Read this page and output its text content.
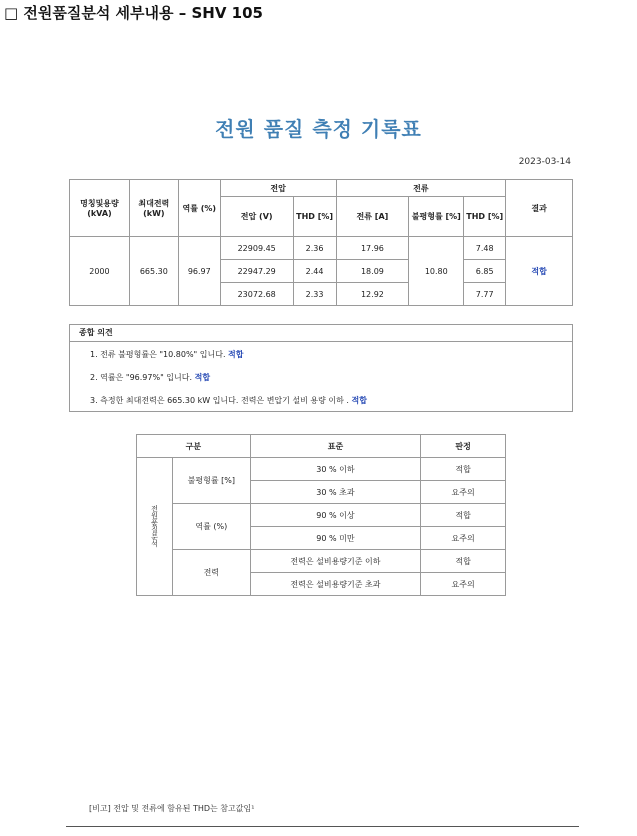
□ 전원품질분석 세부내용 – SHV 105
전원 품질 측정 기록표
2023-03-14
명칭및용량 (kVA)	최대전력 (kW)	역률 (%)	전압		전류			결과
			전압 (V)	THD [%]	전류 [A]	불평형률 [%]	THD [%]	
2000	665.30	96.97	22909.45	2.36	17.96	10.80	7.48	적합
			22947.29	2.44	18.09		6.85	
			23072.68	2.33	12.92		7.77	
종합 의견
1. 전류 불평형률은 "10.80%" 입니다. 적합
2. 역률은 "96.97%" 입니다. 적합
3. 측정한 최대전력은 665.30 kW 입니다. 전력은 변압기 설비 용량 이하 . 적합
구분		표준	판정
전원품질분석	불평형률 [%]	30 % 이하	적합
		30 % 초과	요주의
	역률 (%)	90 % 이상	적합
		90 % 미만	요주의
	전력	전력은 설비용량기준 이하	적합
		전력은 설비용량기준 초과	요주의
[비고] 전압 및 전류에 함유된 THD는 참고값임¹
